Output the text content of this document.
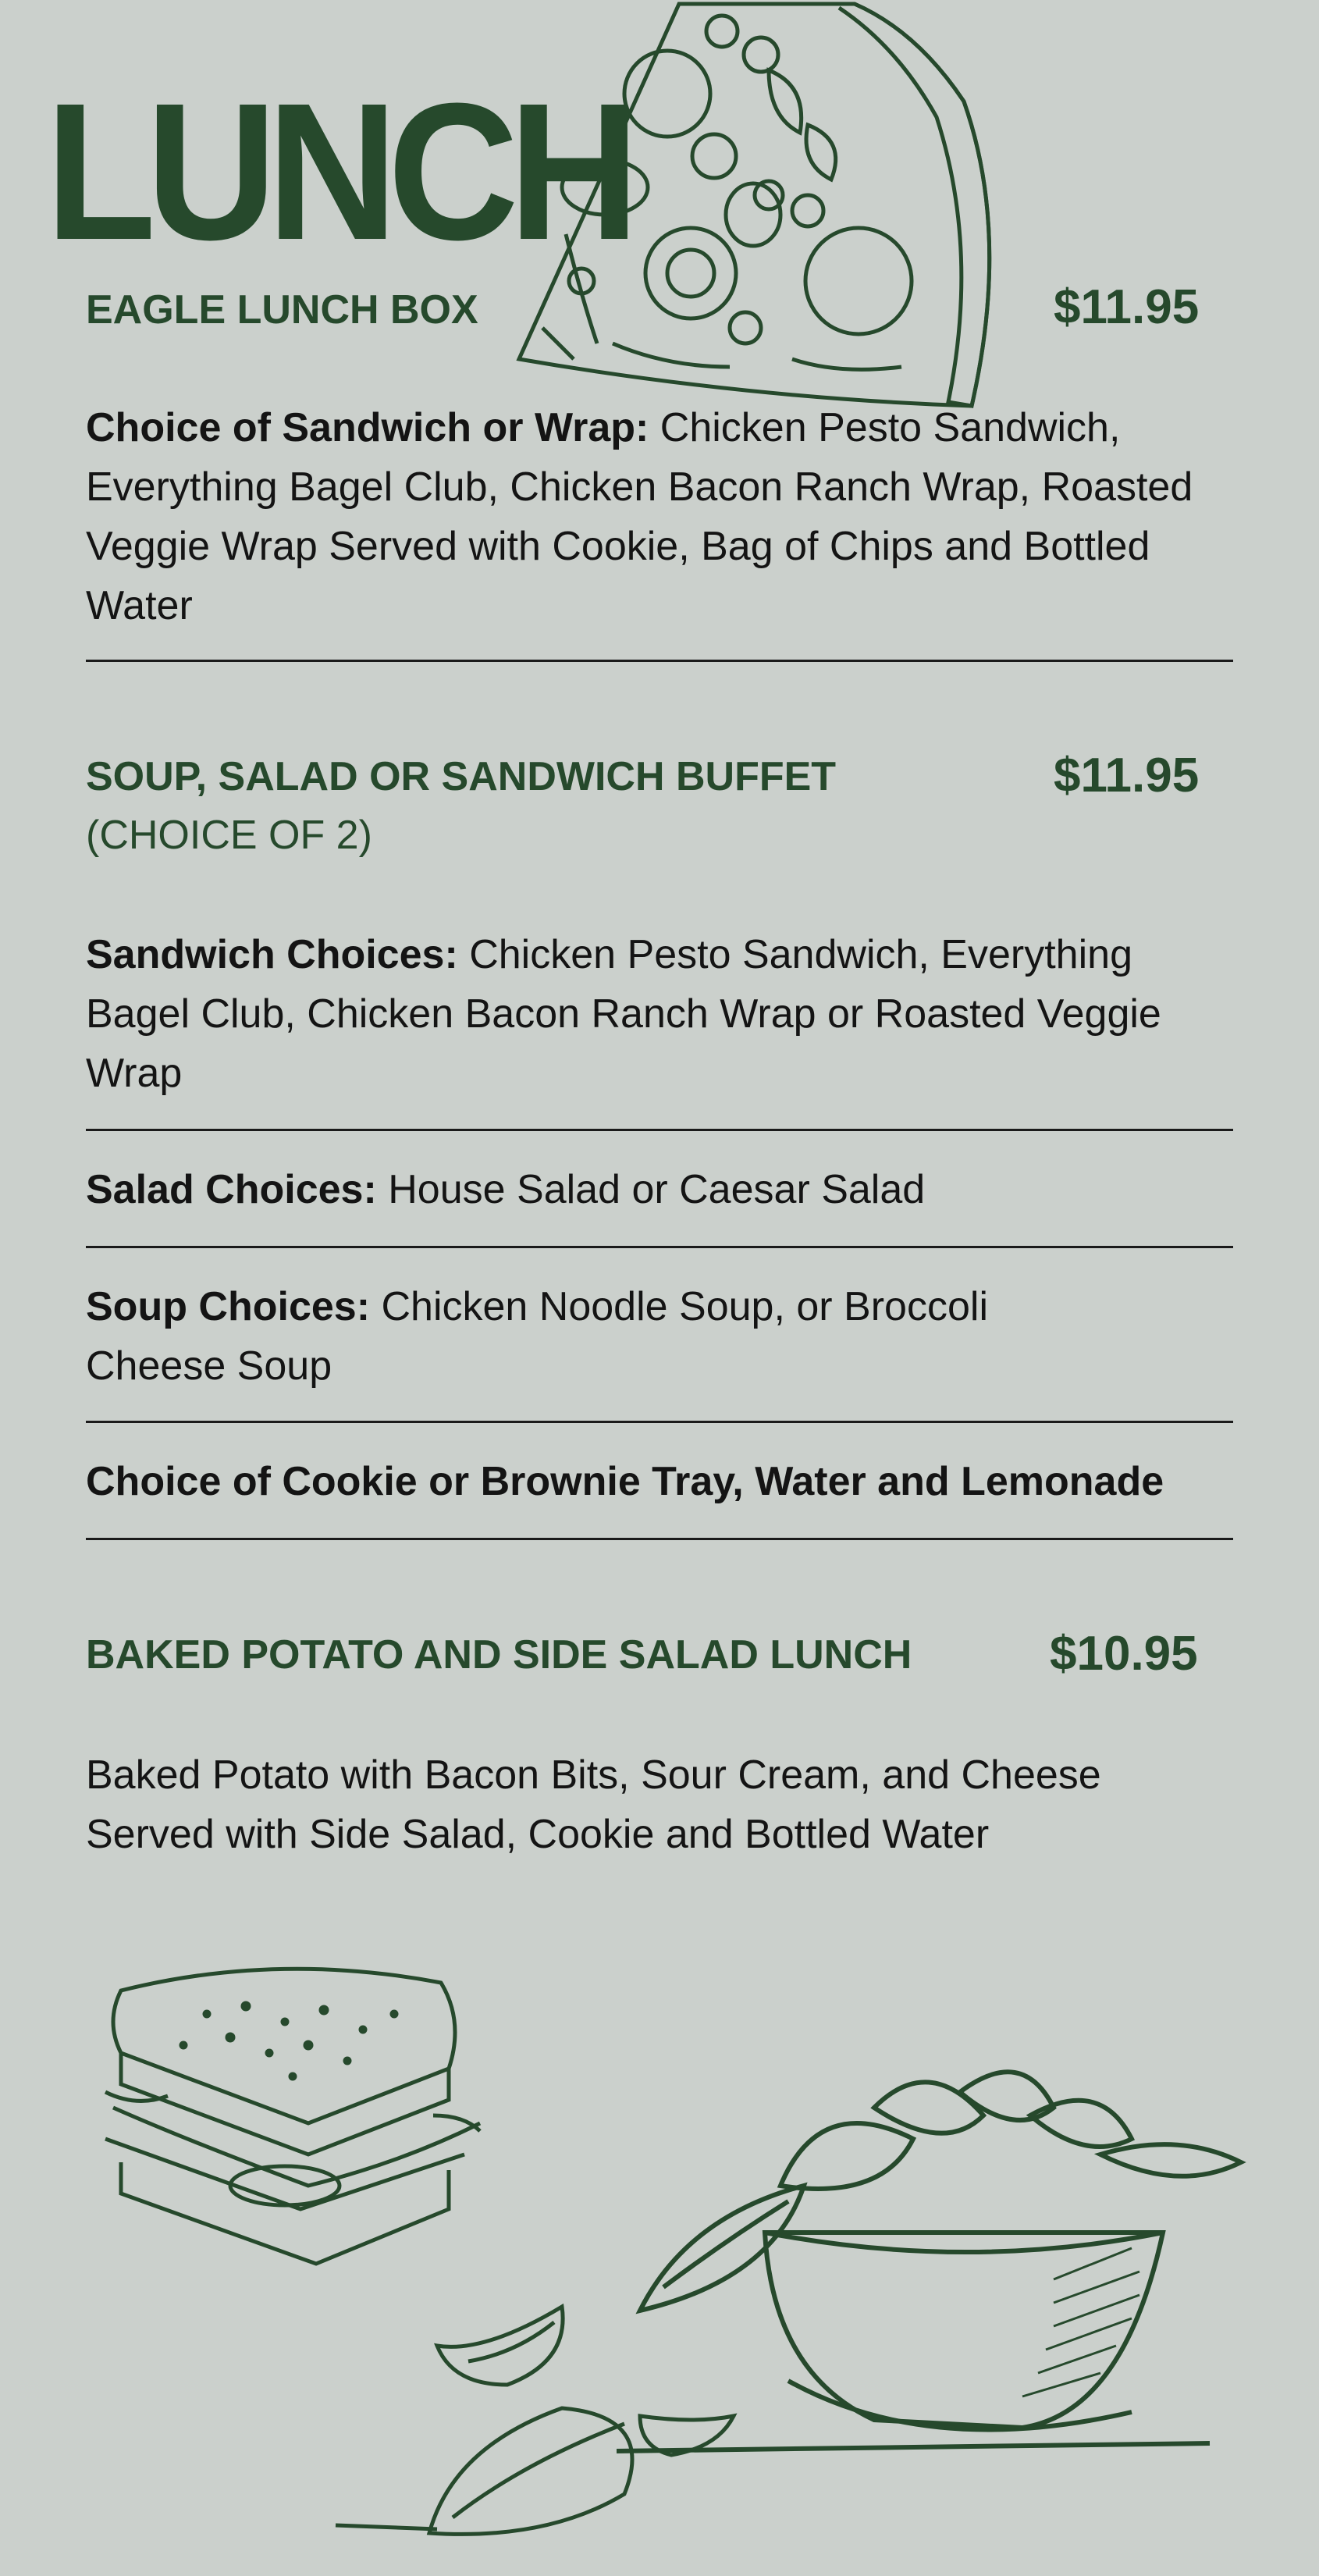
LUNCH
EAGLE LUNCH BOX	$11.95
Choice of Sandwich or Wrap: Chicken Pesto Sandwich, Everything Bagel Club, Chicken Bacon Ranch Wrap, Roasted Veggie Wrap Served with Cookie, Bag of Chips and Bottled Water
SOUP, SALAD OR SANDWICH BUFFET	$11.95
(CHOICE OF 2)
Sandwich Choices: Chicken Pesto Sandwich, Everything Bagel Club, Chicken Bacon Ranch Wrap or Roasted Veggie Wrap
Salad Choices: House Salad or Caesar Salad
Soup Choices: Chicken Noodle Soup, or Broccoli Cheese Soup
Choice of Cookie or Brownie Tray, Water and Lemonade
BAKED POTATO AND SIDE SALAD LUNCH	$10.95
Baked Potato with Bacon Bits, Sour Cream, and Cheese Served with Side Salad, Cookie and Bottled Water
